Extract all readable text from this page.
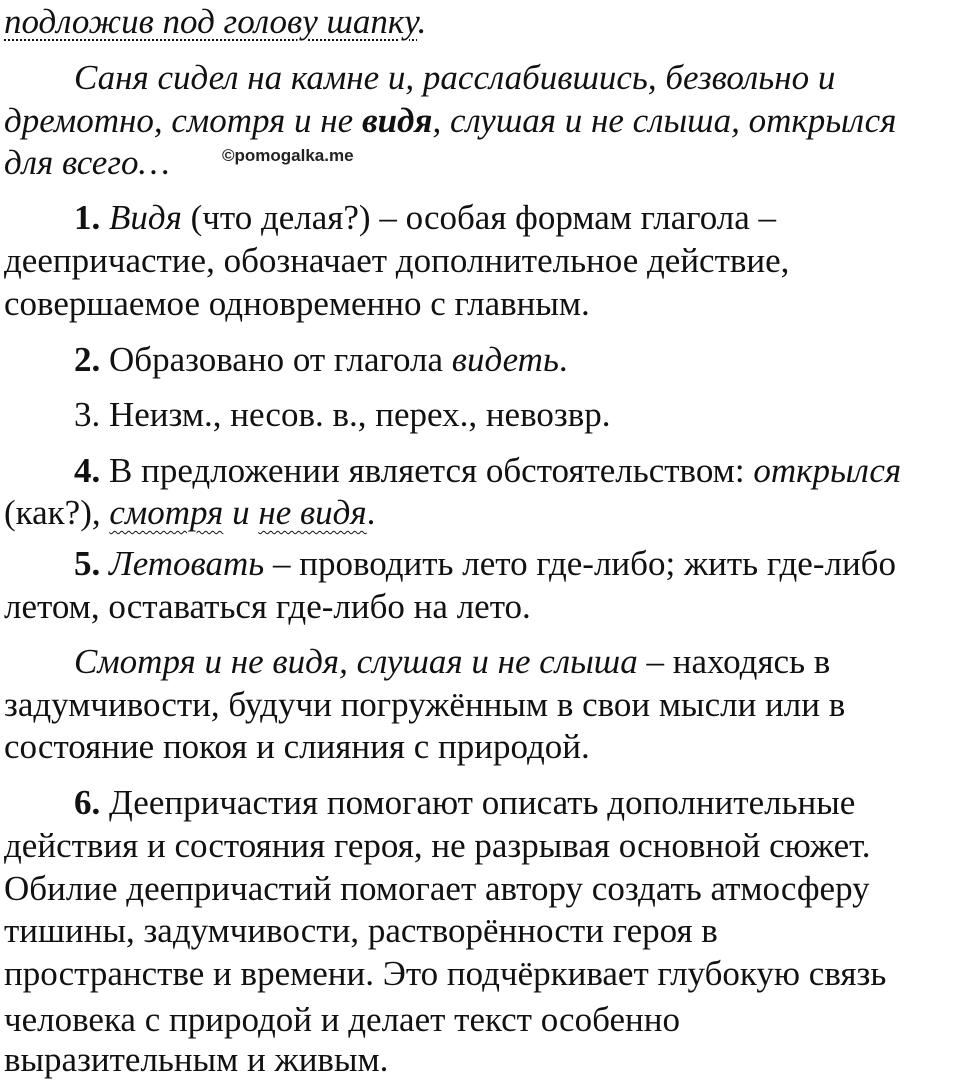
подложив под голову шапку.
Саня сидел на камне и, расслабившись, безвольно и
дремотно, смотря и не видя, слушая и не слыша, открылся
для всего…	©pomogalka.me
1. Видя (что делая?) – особая формам глагола –
деепричастие, обозначает дополнительное действие,
совершаемое одновременно с главным.
2. Образовано от глагола видеть.
3. Неизм., несов. в., перех., невозвр.
4. В предложении является обстоятельством: открылся
(как?), смотря и не видя.
5. Летовать – проводить лето где-либо; жить где-либо
летом, оставаться где-либо на лето.
Смотря и не видя, слушая и не слыша – находясь в
задумчивости, будучи погружённым в свои мысли или в
состояние покоя и слияния с природой.
6. Деепричастия помогают описать дополнительные
действия и состояния героя, не разрывая основной сюжет.
Обилие деепричастий помогает автору создать атмосферу
тишины, задумчивости, растворённости героя в
пространстве и времени. Это подчёркивает глубокую связь
человека с природой и делает текст особенно
выразительным и живым.
